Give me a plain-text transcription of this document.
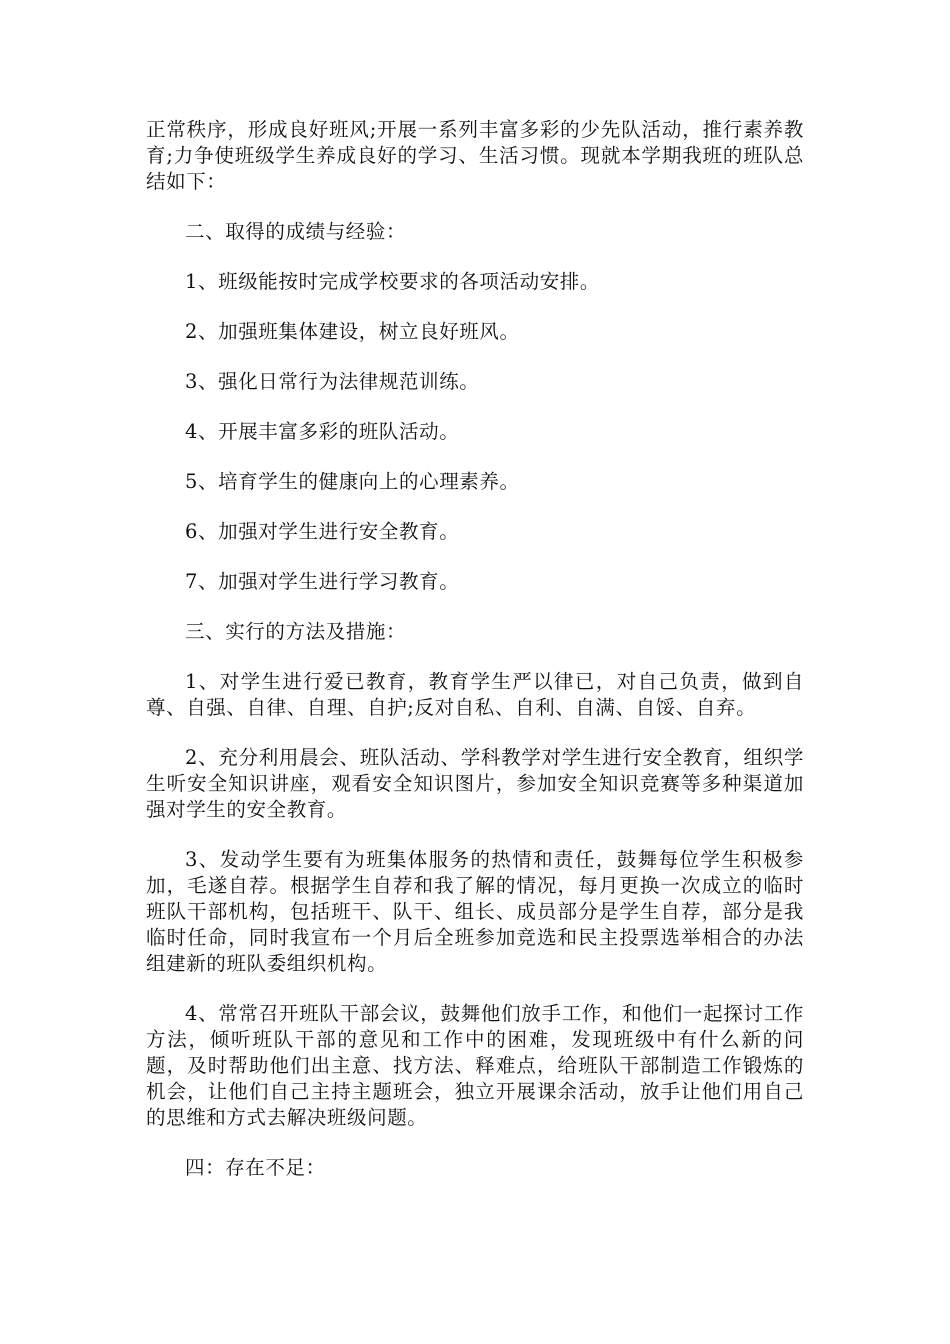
正常秩序，形成良好班风;开展一系列丰富多彩的少先队活动，推行素养教育;力争使班级学生养成良好的学习、生活习惯。现就本学期我班的班队总结如下：

二、取得的成绩与经验：

1、班级能按时完成学校要求的各项活动安排。

2、加强班集体建设，树立良好班风。

3、强化日常行为法律规范训练。

4、开展丰富多彩的班队活动。

5、培育学生的健康向上的心理素养。

6、加强对学生进行安全教育。

7、加强对学生进行学习教育。

三、实行的方法及措施：

1、对学生进行爱已教育，教育学生严以律已，对自己负责，做到自尊、自强、自律、自理、自护;反对自私、自利、自满、自馁、自弃。

2、充分利用晨会、班队活动、学科教学对学生进行安全教育，组织学生听安全知识讲座，观看安全知识图片，参加安全知识竞赛等多种渠道加强对学生的安全教育。

3、发动学生要有为班集体服务的热情和责任，鼓舞每位学生积极参加，毛遂自荐。根据学生自荐和我了解的情况，每月更换一次成立的临时班队干部机构，包括班干、队干、组长、成员部分是学生自荐，部分是我临时任命，同时我宣布一个月后全班参加竞选和民主投票选举相合的办法组建新的班队委组织机构。

4、常常召开班队干部会议，鼓舞他们放手工作，和他们一起探讨工作方法，倾听班队干部的意见和工作中的困难，发现班级中有什么新的问题，及时帮助他们出主意、找方法、释难点，给班队干部制造工作锻炼的机会，让他们自己主持主题班会，独立开展课余活动，放手让他们用自己的思维和方式去解决班级问题。

四：存在不足：
